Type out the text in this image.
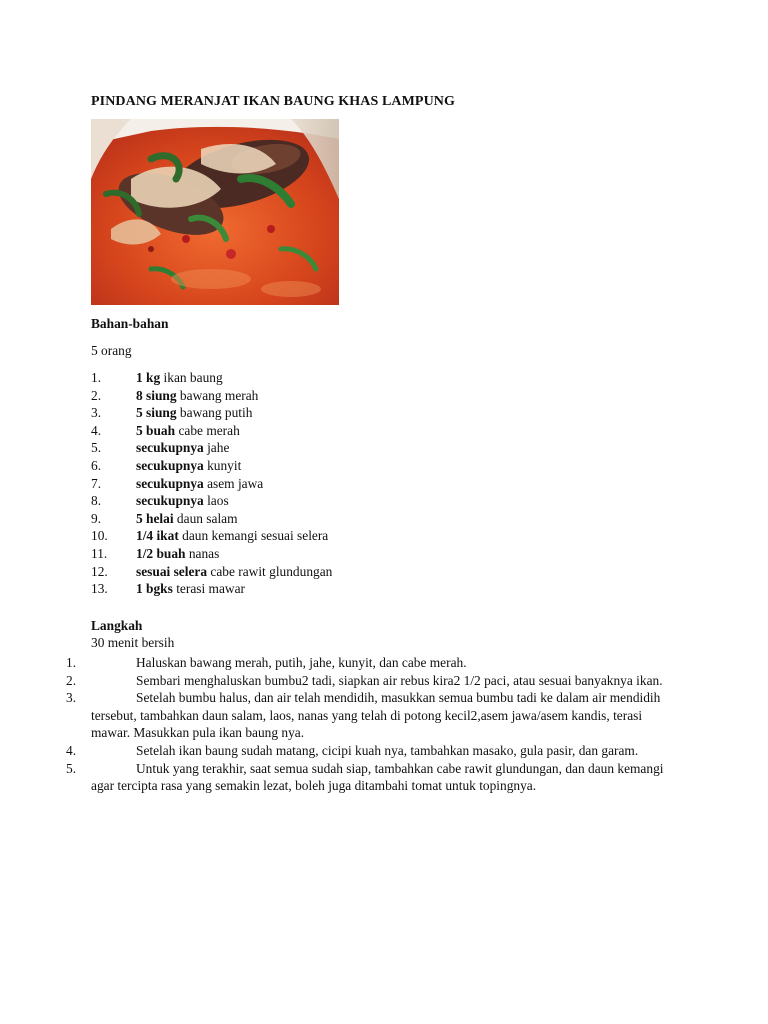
PINDANG MERANJAT IKAN BAUNG KHAS LAMPUNG
Bahan-bahan
5 orang
1.	1 kg ikan baung
2.	8 siung bawang merah
3.	5 siung bawang putih
4.	5 buah cabe merah
5.	secukupnya jahe
6.	secukupnya kunyit
7.	secukupnya asem jawa
8.	secukupnya laos
9.	5 helai daun salam
10. 1/4 ikat daun kemangi sesuai selera
11. 1/2 buah nanas
12. sesuai selera cabe rawit glundungan
13. 1 bgks terasi mawar
Langkah
30 menit bersih
1.	Haluskan bawang merah, putih, jahe, kunyit, dan cabe merah.
2.	Sembari menghaluskan bumbu2 tadi, siapkan air rebus kira2 1/2 paci, atau sesuai banyaknya ikan.
3.	Setelah bumbu halus, dan air telah mendidih, masukkan semua bumbu tadi ke dalam air mendidih tersebut, tambahkan daun salam, laos, nanas yang telah di potong kecil2,asem jawa/asem kandis, terasi mawar. Masukkan pula ikan baung nya.
4.	Setelah ikan baung sudah matang, cicipi kuah nya, tambahkan masako, gula pasir, dan garam.
5.	Untuk yang terakhir, saat semua sudah siap, tambahkan cabe rawit glundungan, dan daun kemangi agar tercipta rasa yang semakin lezat, boleh juga ditambahi tomat untuk topingnya.
